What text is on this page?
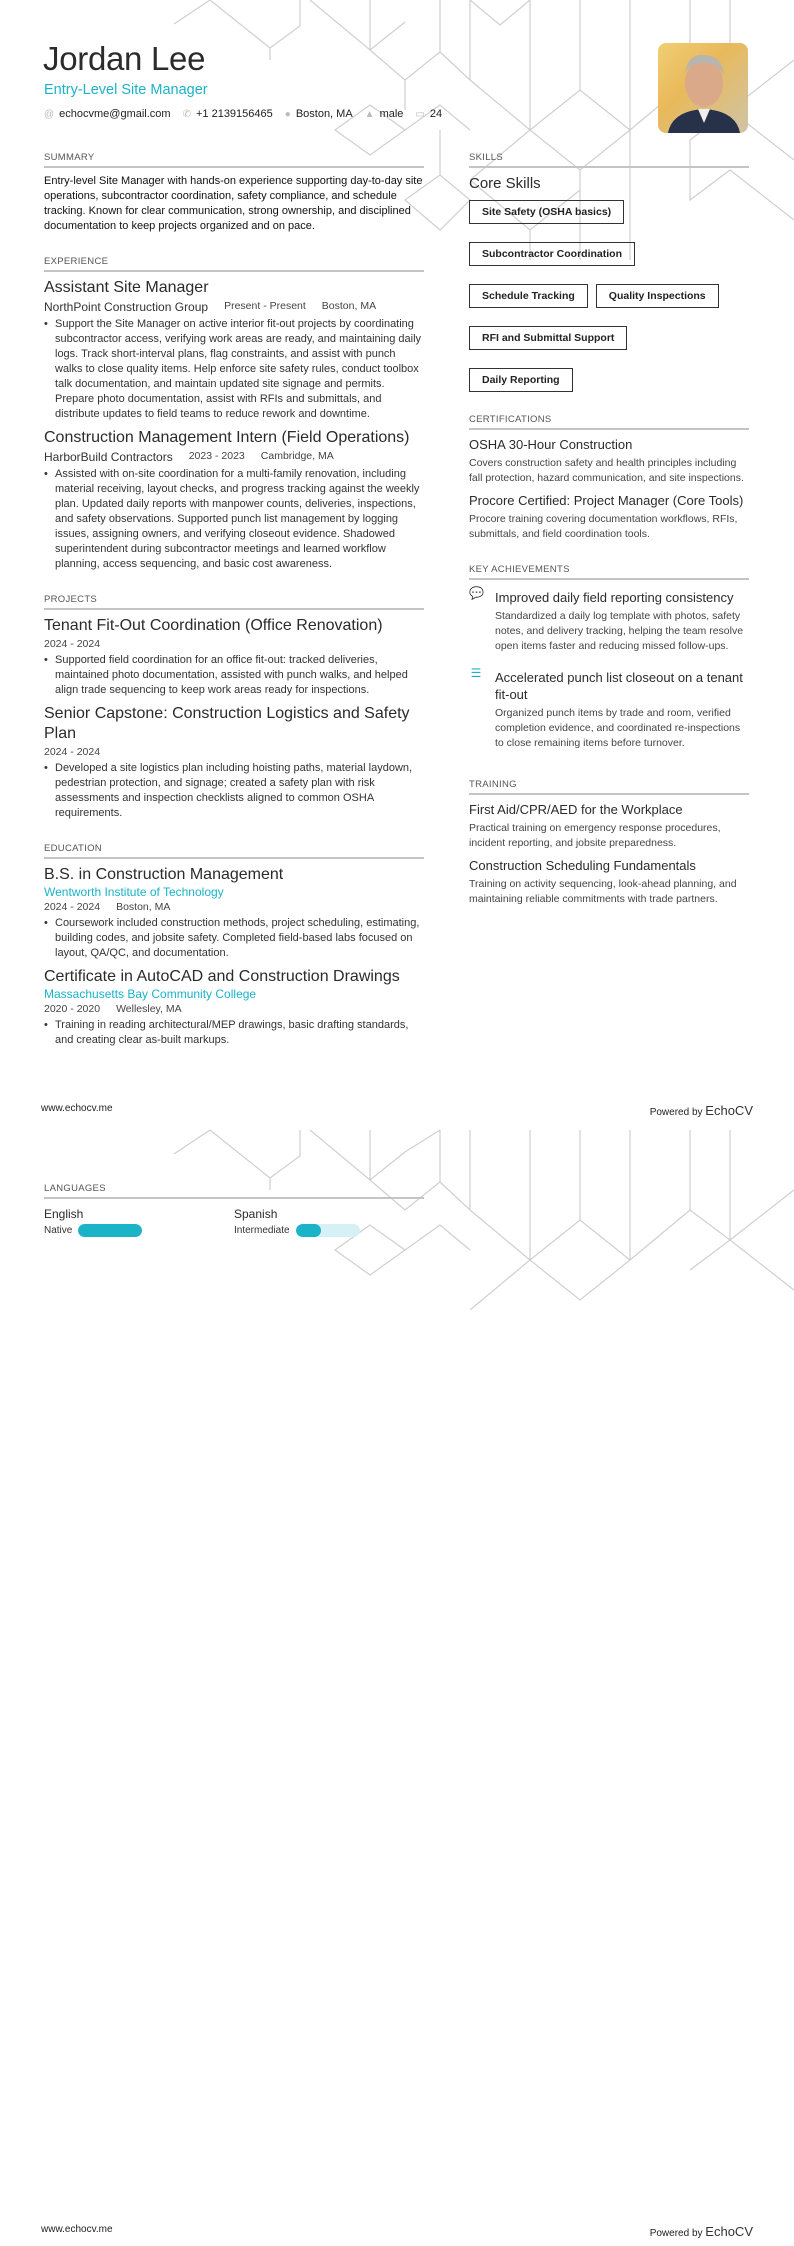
Jordan Lee
Entry-Level Site Manager
@ echocvme@gmail.com ✆ +1 2139156465 ● Boston, MA ▲ male ▭ 24
SUMMARY
Entry-level Site Manager with hands-on experience supporting day-to-day site operations, subcontractor coordination, safety compliance, and schedule tracking. Known for clear communication, strong ownership, and disciplined documentation to keep projects organized and on pace.
EXPERIENCE
Assistant Site Manager
NorthPoint Construction Group Present - Present Boston, MA
• Support the Site Manager on active interior fit-out projects by coordinating subcontractor access, verifying work areas are ready, and maintaining daily logs. Track short-interval plans, flag constraints, and assist with punch walks to close quality items. Help enforce site safety rules, conduct toolbox talk documentation, and maintain updated site signage and permits. Prepare photo documentation, assist with RFIs and submittals, and distribute updates to field teams to reduce rework and downtime.
Construction Management Intern (Field Operations)
HarborBuild Contractors 2023 - 2023 Cambridge, MA
• Assisted with on-site coordination for a multi-family renovation, including material receiving, layout checks, and progress tracking against the weekly plan. Updated daily reports with manpower counts, deliveries, inspections, and safety observations. Supported punch list management by logging issues, assigning owners, and verifying closeout evidence. Shadowed superintendent during subcontractor meetings and learned workflow planning, access sequencing, and basic cost awareness.
PROJECTS
Tenant Fit-Out Coordination (Office Renovation)
2024 - 2024
• Supported field coordination for an office fit-out: tracked deliveries, maintained photo documentation, assisted with punch walks, and helped align trade sequencing to keep work areas ready for inspections.
Senior Capstone: Construction Logistics and Safety Plan
2024 - 2024
• Developed a site logistics plan including hoisting paths, material laydown, pedestrian protection, and signage; created a safety plan with risk assessments and inspection checklists aligned to common OSHA requirements.
EDUCATION
B.S. in Construction Management
Wentworth Institute of Technology
2024 - 2024 Boston, MA
• Coursework included construction methods, project scheduling, estimating, building codes, and jobsite safety. Completed field-based labs focused on layout, QA/QC, and documentation.
Certificate in AutoCAD and Construction Drawings
Massachusetts Bay Community College
2020 - 2020 Wellesley, MA
• Training in reading architectural/MEP drawings, basic drafting standards, and creating clear as-built markups.
SKILLS
Core Skills
Site Safety (OSHA basics)
Subcontractor Coordination
Schedule Tracking	Quality Inspections
RFI and Submittal Support
Daily Reporting
CERTIFICATIONS
OSHA 30-Hour Construction
Covers construction safety and health principles including fall protection, hazard communication, and site inspections.
Procore Certified: Project Manager (Core Tools)
Procore training covering documentation workflows, RFIs, submittals, and field coordination tools.
KEY ACHIEVEMENTS
💬 Improved daily field reporting consistency
Standardized a daily log template with photos, safety notes, and delivery tracking, helping the team resolve open items faster and reducing missed follow-ups.
☰ Accelerated punch list closeout on a tenant fit-out
Organized punch items by trade and room, verified completion evidence, and coordinated re-inspections to close remaining items before turnover.
TRAINING
First Aid/CPR/AED for the Workplace
Practical training on emergency response procedures, incident reporting, and jobsite preparedness.
Construction Scheduling Fundamentals
Training on activity sequencing, look-ahead planning, and maintaining reliable commitments with trade partners.
www.echocv.me	Powered by EchoCV
LANGUAGES
English
Native
Spanish
Intermediate
www.echocv.me	Powered by EchoCV
